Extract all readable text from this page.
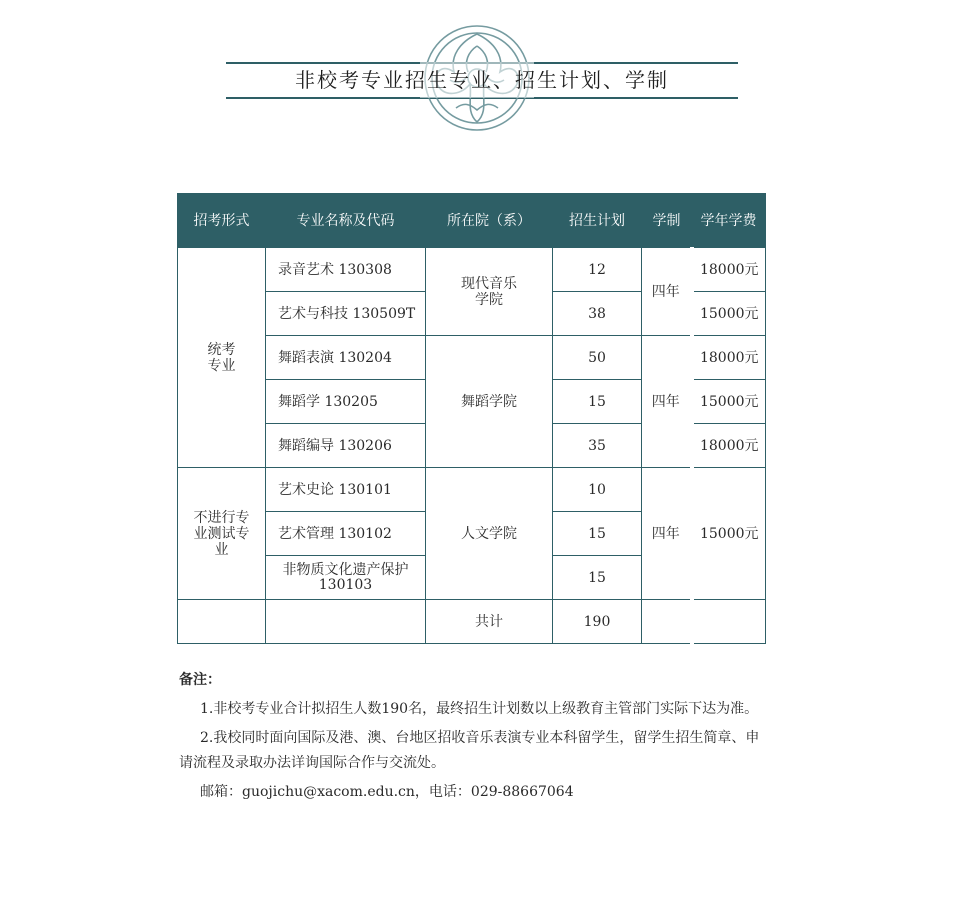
非校考专业招生专业、招生计划、学制
招考形式	专业名称及代码	所在院（系）	招生计划	学制	学年学费

统考专业	录音艺术 130308	现代音乐学院	12	四年	18000元
	艺术与科技 130509T		38		15000元
	舞蹈表演 130204	舞蹈学院	50	四年	18000元
	舞蹈学 130205		15		15000元
	舞蹈编导 130206		35		18000元

不进行专业测试专业	艺术史论 130101	人文学院	10	四年	15000元
	艺术管理 130102		15		
	非物质文化遗产保护 130103		15		
		共计	190		
备注：

1.非校考专业合计拟招生人数190名，最终招生计划数以上级教育主管部门实际下达为准。

2.我校同时面向国际及港、澳、台地区招收音乐表演专业本科留学生，留学生招生简章、申请流程及录取办法详询国际合作与交流处。

邮箱：guojichu@xacom.edu.cn，电话：029-88667064
